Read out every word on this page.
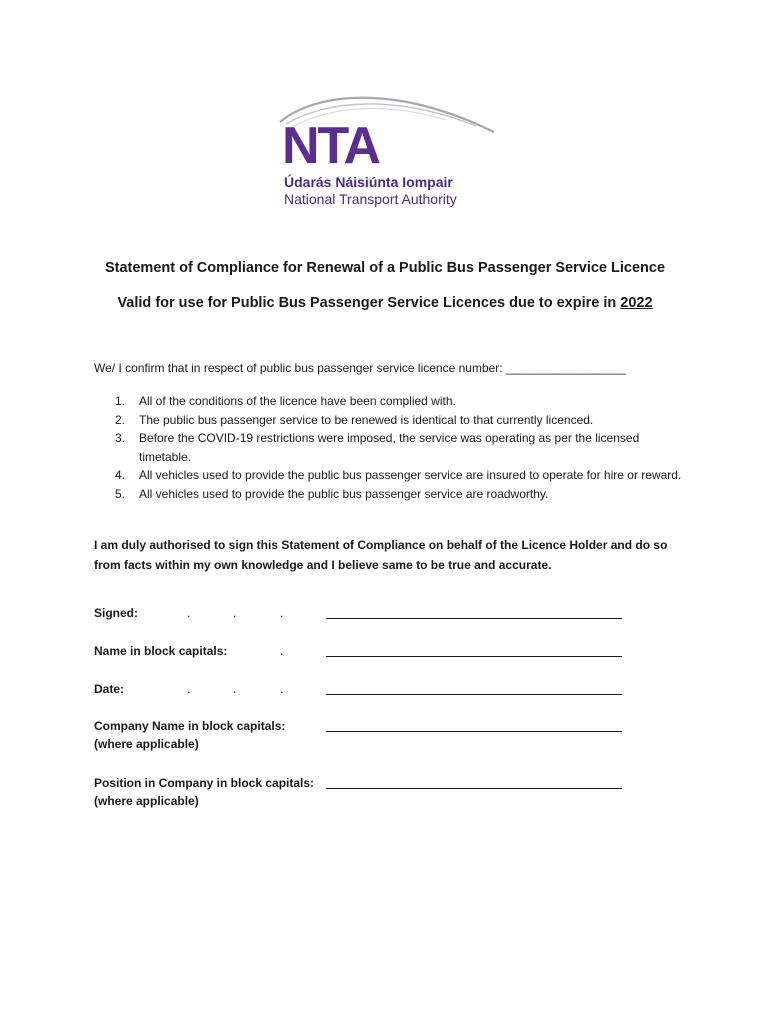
NTA
Údarás Náisiúnta Iompair
National Transport Authority
Statement of Compliance for Renewal of a Public Bus Passenger Service Licence
Valid for use for Public Bus Passenger Service Licences due to expire in 2022
We/ I confirm that in respect of public bus passenger service licence number: __________________
1. All of the conditions of the licence have been complied with.
2. The public bus passenger service to be renewed is identical to that currently licenced.
3. Before the COVID-19 restrictions were imposed, the service was operating as per the licensed timetable.
4. All vehicles used to provide the public bus passenger service are insured to operate for hire or reward.
5. All vehicles used to provide the public bus passenger service are roadworthy.
I am duly authorised to sign this Statement of Compliance on behalf of the Licence Holder and do so from facts within my own knowledge and I believe same to be true and accurate.
Signed:	.	.	.
Name in block capitals:	.
Date:	.	.	.
Company Name in block capitals:
(where applicable)
Position in Company in block capitals:
(where applicable)
